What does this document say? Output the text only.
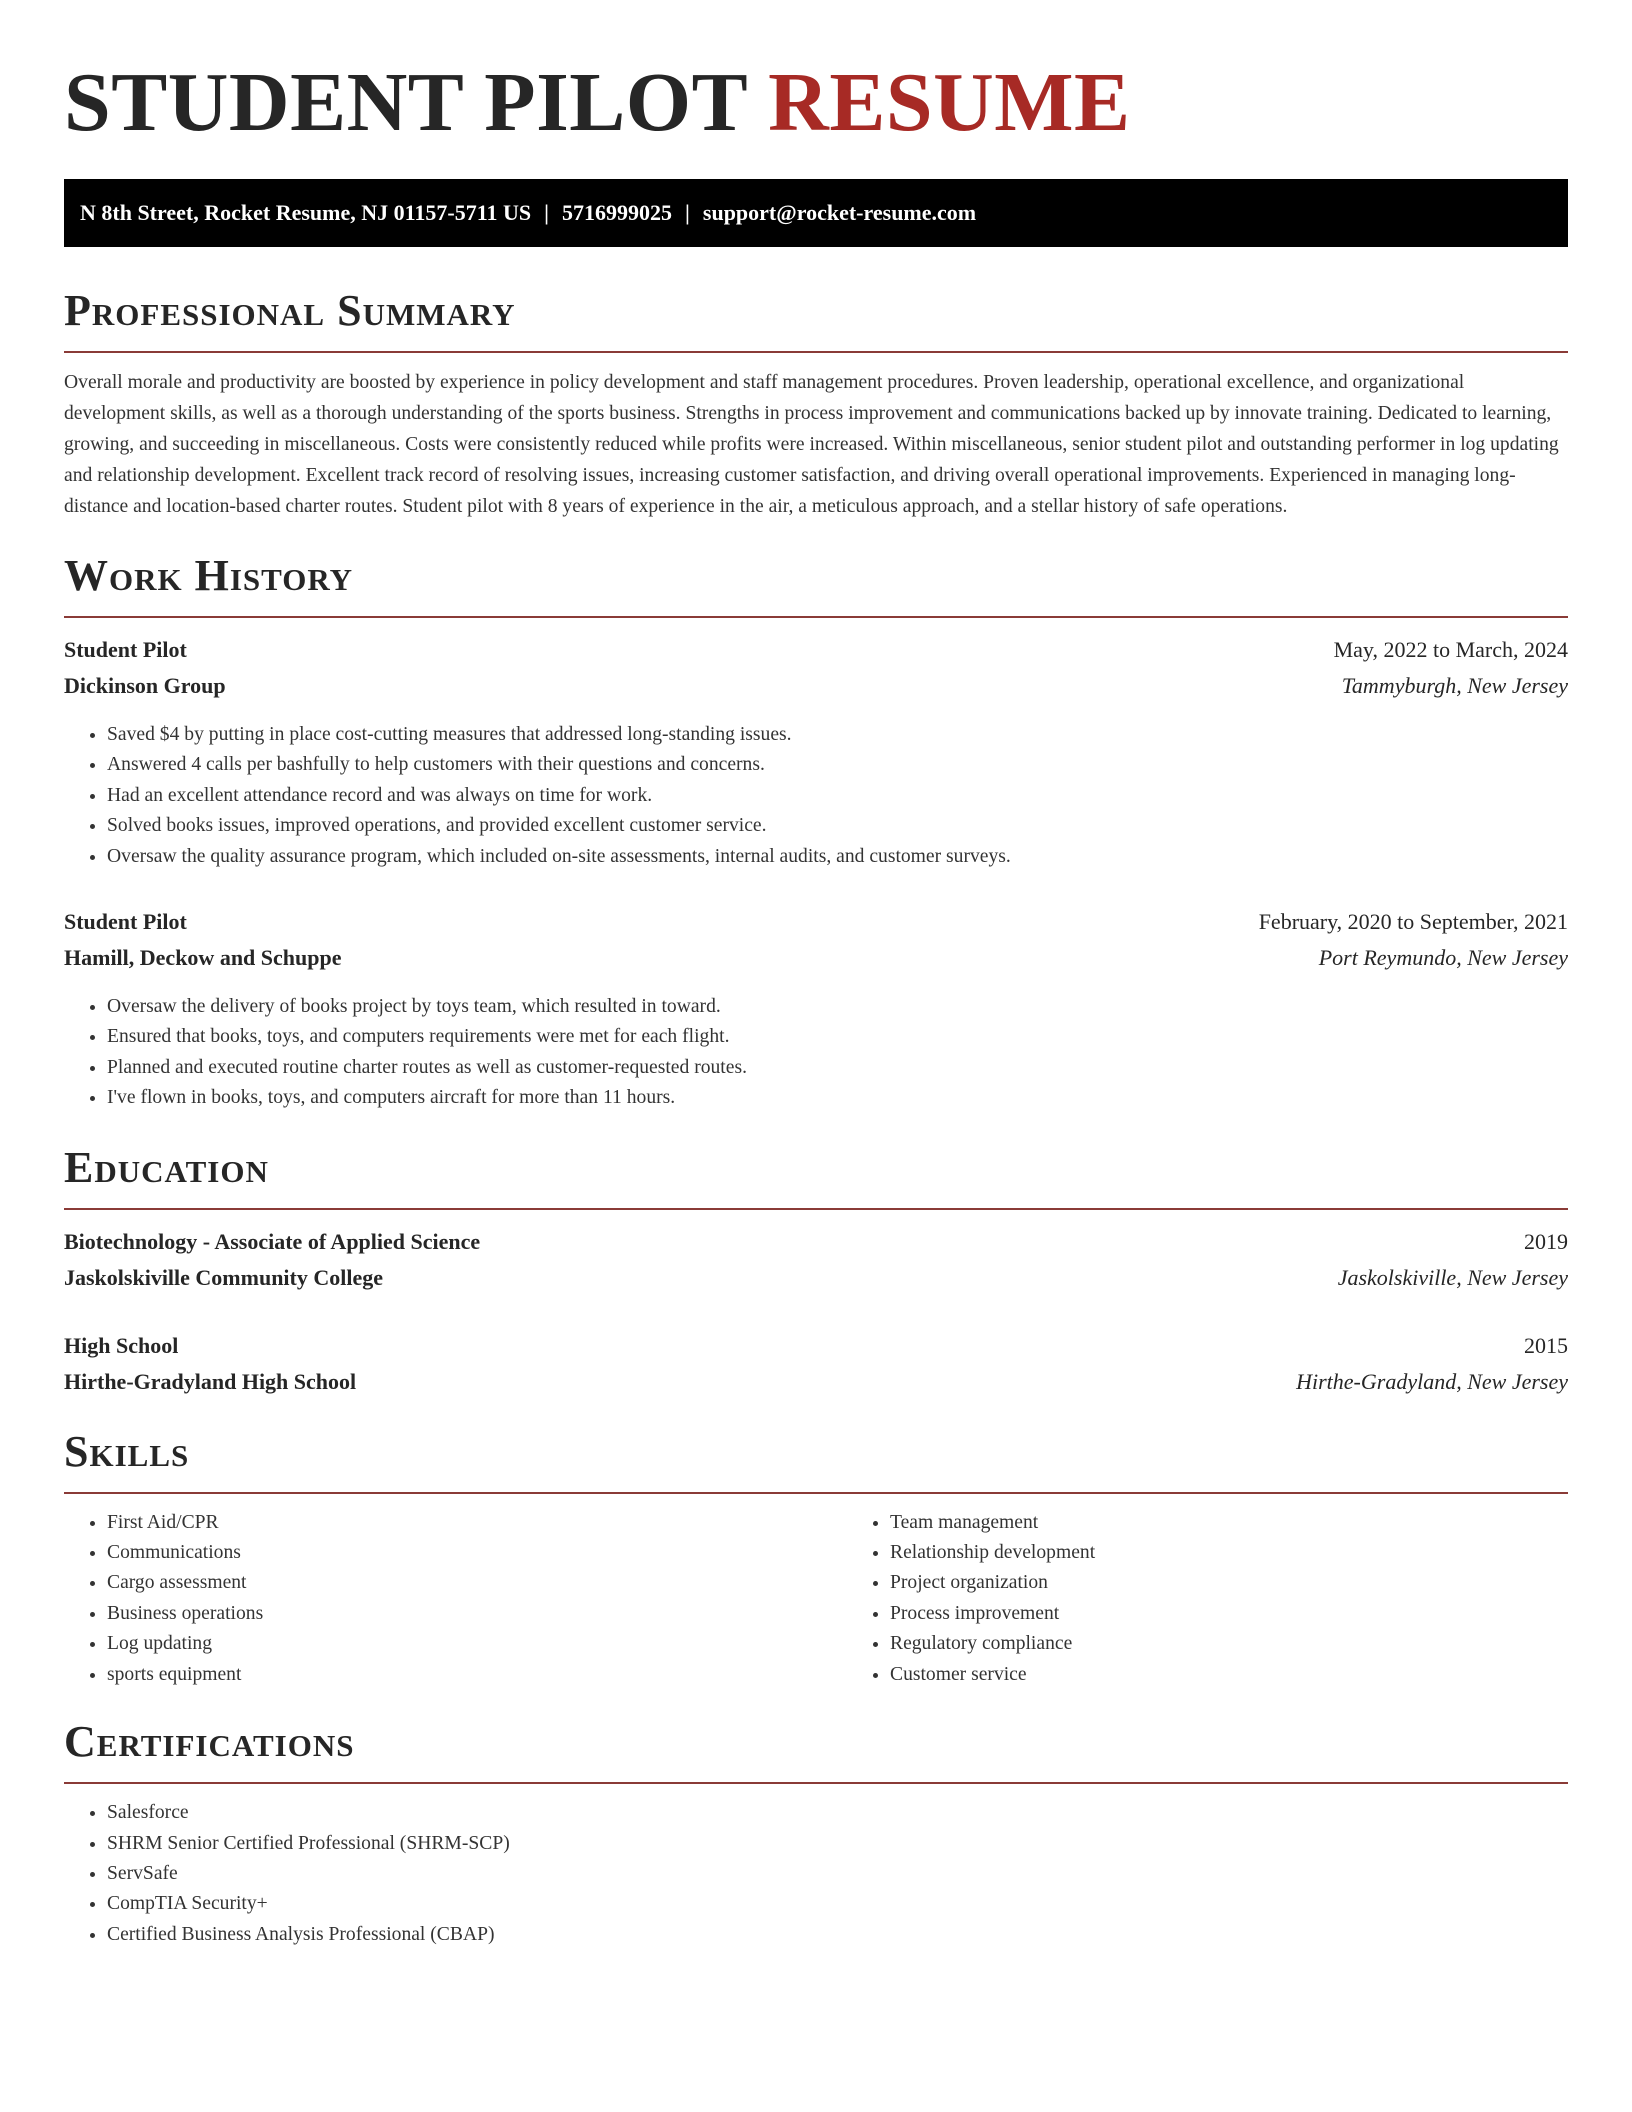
STUDENT PILOT RESUME
N 8th Street, Rocket Resume, NJ 01157-5711 US | 5716999025 | support@rocket-resume.com
Professional Summary

Overall morale and productivity are boosted by experience in policy development and staff management procedures. Proven leadership, operational excellence, and organizational development skills, as well as a thorough understanding of the sports business. Strengths in process improvement and communications backed up by innovate training. Dedicated to learning, growing, and succeeding in miscellaneous. Costs were consistently reduced while profits were increased. Within miscellaneous, senior student pilot and outstanding performer in log updating and relationship development. Excellent track record of resolving issues, increasing customer satisfaction, and driving overall operational improvements. Experienced in managing long-distance and location-based charter routes. Student pilot with 8 years of experience in the air, a meticulous approach, and a stellar history of safe operations.

Work History
Student Pilot	May, 2022 to March, 2024
Dickinson Group	Tammyburgh, New Jersey
• Saved $4 by putting in place cost-cutting measures that addressed long-standing issues.
• Answered 4 calls per bashfully to help customers with their questions and concerns.
• Had an excellent attendance record and was always on time for work.
• Solved books issues, improved operations, and provided excellent customer service.
• Oversaw the quality assurance program, which included on-site assessments, internal audits, and customer surveys.
Student Pilot	February, 2020 to September, 2021
Hamill, Deckow and Schuppe	Port Reymundo, New Jersey
• Oversaw the delivery of books project by toys team, which resulted in toward.
• Ensured that books, toys, and computers requirements were met for each flight.
• Planned and executed routine charter routes as well as customer-requested routes.
• I've flown in books, toys, and computers aircraft for more than 11 hours.
Education
Biotechnology - Associate of Applied Science	2019
Jaskolskiville Community College	Jaskolskiville, New Jersey
High School	2015
Hirthe-Gradyland High School	Hirthe-Gradyland, New Jersey
Skills
• First Aid/CPR
• Communications
• Cargo assessment
• Business operations
• Log updating
• sports equipment
• Team management
• Relationship development
• Project organization
• Process improvement
• Regulatory compliance
• Customer service
Certifications
• Salesforce
• SHRM Senior Certified Professional (SHRM-SCP)
• ServSafe
• CompTIA Security+
• Certified Business Analysis Professional (CBAP)
